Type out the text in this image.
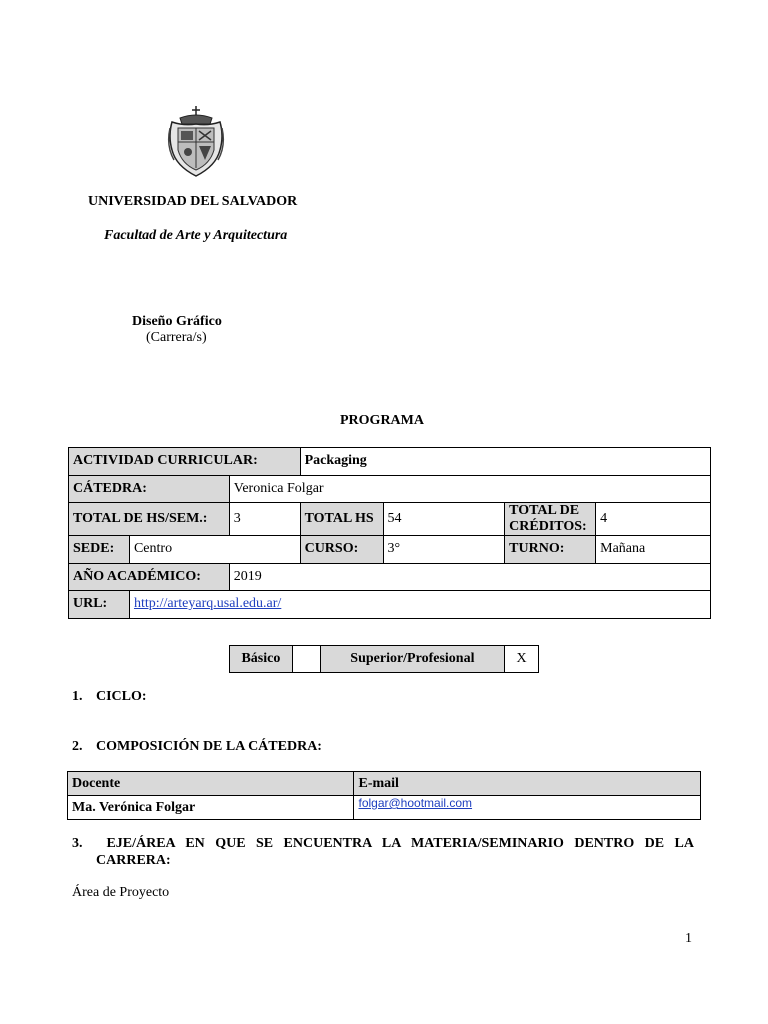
UNIVERSIDAD DEL SALVADOR
Facultad de Arte y Arquitectura
Diseño Gráfico
(Carrera/s)
PROGRAMA
ACTIVIDAD CURRICULAR:			Packaging			
CÁTEDRA:		Veronica Folgar				
TOTAL DE HS/SEM.:		3	TOTAL HS	54	TOTAL DE CRÉDITOS:	4
SEDE:	Centro		CURSO:	3°	TURNO:	Mañana
AÑO ACADÉMICO:		2019				
URL:	http://arteyarq.usal.edu.ar/					
Básico		Superior/Profesional	X
1. CICLO:
2. COMPOSICIÓN DE LA CÁTEDRA:
Docente	E-mail
Ma. Verónica Folgar	folgar@hootmail.com
3. EJE/ÁREA EN QUE SE ENCUENTRA LA MATERIA/SEMINARIO DENTRO DE LA
CARRERA:
Área de Proyecto
1
